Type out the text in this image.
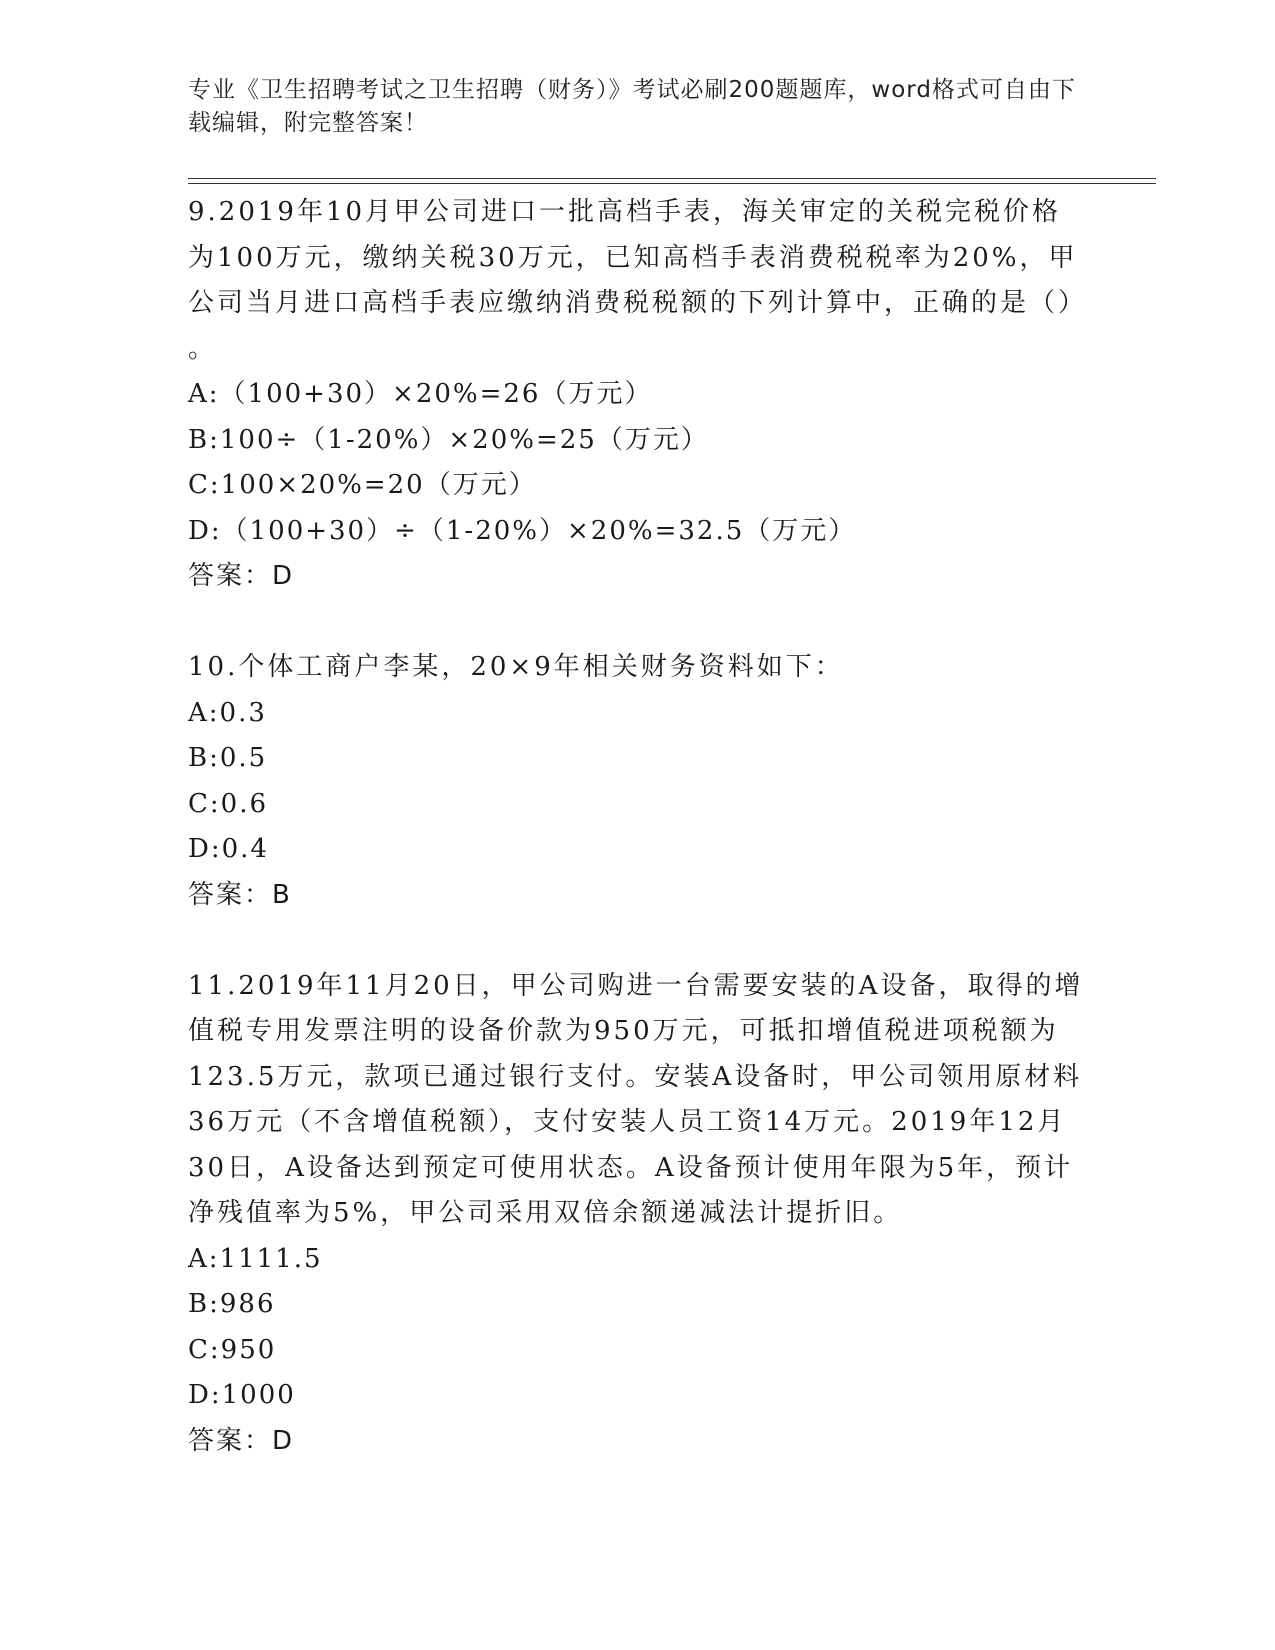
专业《卫生招聘考试之卫生招聘（财务）》考试必刷200题题库，word格式可自由下载编辑，附完整答案！

9.2019年10月甲公司进口一批高档手表，海关审定的关税完税价格为100万元，缴纳关税30万元，已知高档手表消费税税率为20%，甲公司当月进口高档手表应缴纳消费税税额的下列计算中，正确的是（）

。

A:（100+30）×20%=26（万元）

B:100÷（1-20%）×20%=25（万元）

C:100×20%=20（万元）

D:（100+30）÷（1-20%）×20%=32.5（万元）

答案：D

10.个体工商户李某，20×9年相关财务资料如下：

A:0.3

B:0.5

C:0.6

D:0.4

答案：B

11.2019年11月20日，甲公司购进一台需要安装的A设备，取得的增值税专用发票注明的设备价款为950万元，可抵扣增值税进项税额为123.5万元，款项已通过银行支付。安装A设备时，甲公司领用原材料36万元（不含增值税额），支付安装人员工资14万元。2019年12月30日，A设备达到预定可使用状态。A设备预计使用年限为5年，预计净残值率为5%，甲公司采用双倍余额递减法计提折旧。

A:1111.5

B:986

C:950

D:1000

答案：D
